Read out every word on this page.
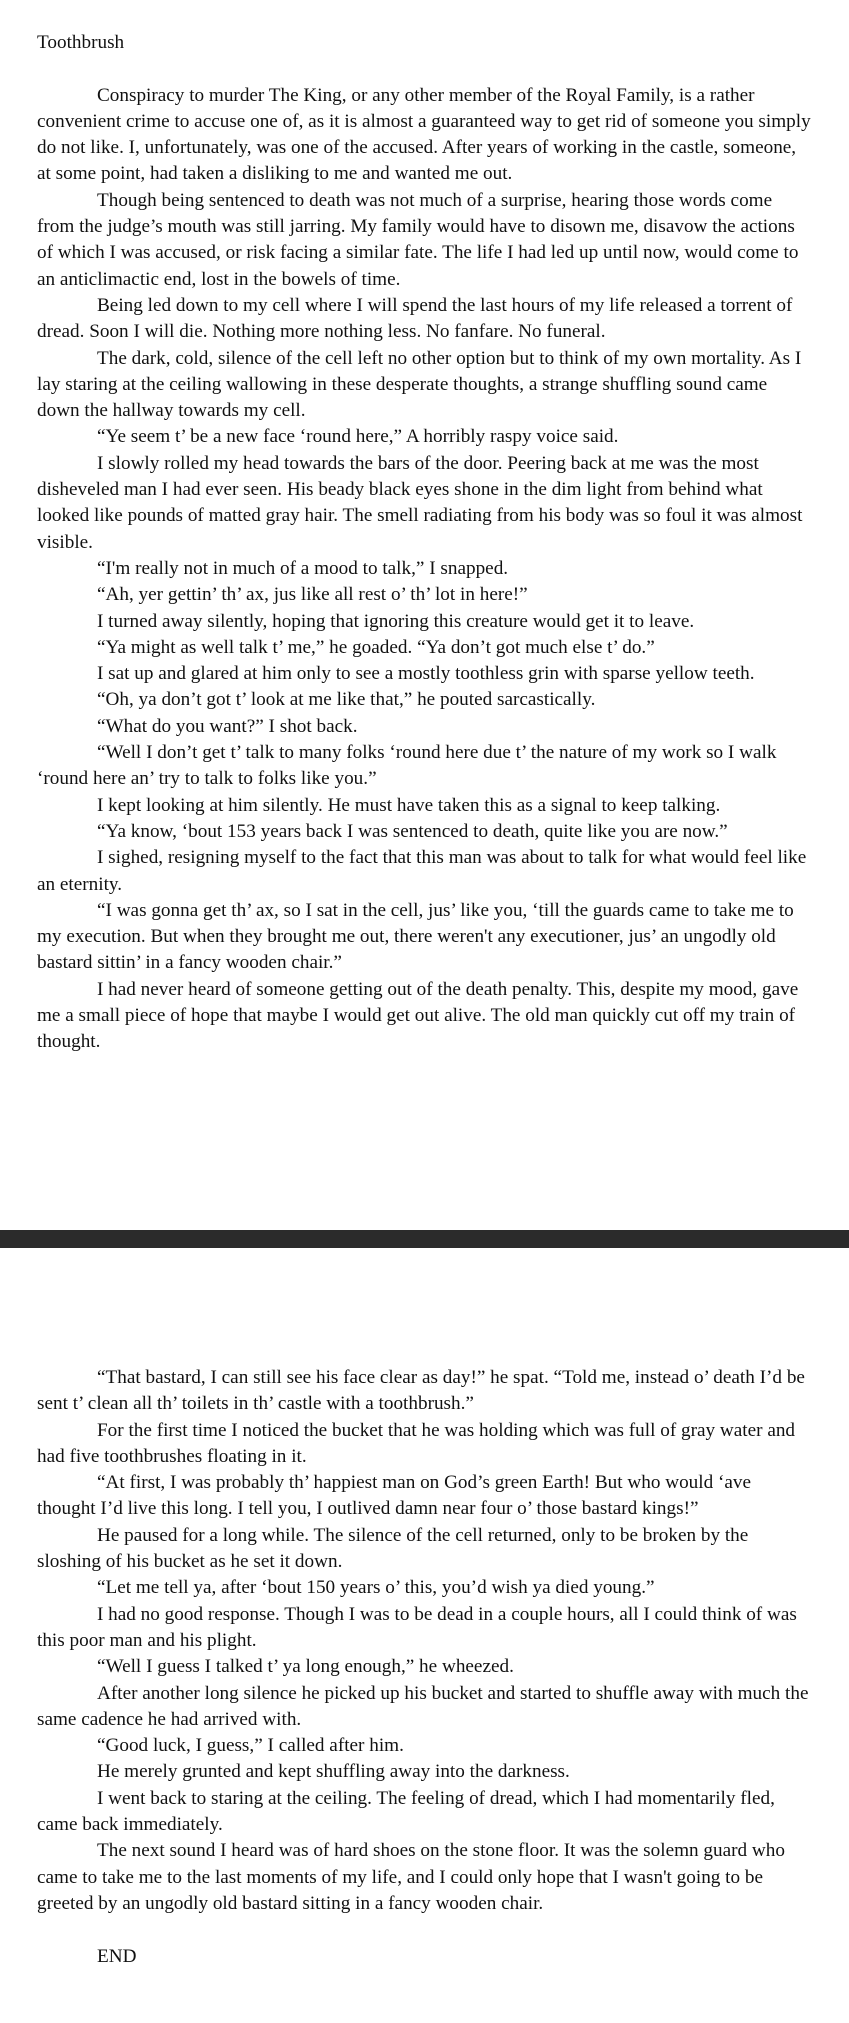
Toothbrush

Conspiracy to murder The King, or any other member of the Royal Family, is a rather convenient crime to accuse one of, as it is almost a guaranteed way to get rid of someone you simply do not like. I, unfortunately, was one of the accused. After years of working in the castle, someone, at some point, had taken a disliking to me and wanted me out.

Though being sentenced to death was not much of a surprise, hearing those words come from the judge’s mouth was still jarring. My family would have to disown me, disavow the actions of which I was accused, or risk facing a similar fate. The life I had led up until now, would come to an anticlimactic end, lost in the bowels of time.

Being led down to my cell where I will spend the last hours of my life released a torrent of dread. Soon I will die. Nothing more nothing less. No fanfare. No funeral.

The dark, cold, silence of the cell left no other option but to think of my own mortality. As I lay staring at the ceiling wallowing in these desperate thoughts, a strange shuffling sound came down the hallway towards my cell.

“Ye seem t’ be a new face ‘round here,” A horribly raspy voice said.

I slowly rolled my head towards the bars of the door. Peering back at me was the most disheveled man I had ever seen. His beady black eyes shone in the dim light from behind what looked like pounds of matted gray hair. The smell radiating from his body was so foul it was almost visible.

“I'm really not in much of a mood to talk,” I snapped.

“Ah, yer gettin’ th’ ax, jus like all rest o’ th’ lot in here!”

I turned away silently, hoping that ignoring this creature would get it to leave.

“Ya might as well talk t’ me,” he goaded. “Ya don’t got much else t’ do.”

I sat up and glared at him only to see a mostly toothless grin with sparse yellow teeth.

“Oh, ya don’t got t’ look at me like that,” he pouted sarcastically.

“What do you want?” I shot back.

“Well I don’t get t’ talk to many folks ‘round here due t’ the nature of my work so I walk ‘round here an’ try to talk to folks like you.”

I kept looking at him silently. He must have taken this as a signal to keep talking.

“Ya know, ‘bout 153 years back I was sentenced to death, quite like you are now.”

I sighed, resigning myself to the fact that this man was about to talk for what would feel like an eternity.

“I was gonna get th’ ax, so I sat in the cell, jus’ like you, ‘till the guards came to take me to my execution. But when they brought me out, there weren't any executioner, jus’ an ungodly old bastard sittin’ in a fancy wooden chair.”

I had never heard of someone getting out of the death penalty. This, despite my mood, gave me a small piece of hope that maybe I would get out alive. The old man quickly cut off my train of thought.

“That bastard, I can still see his face clear as day!” he spat. “Told me, instead o’ death I’d be sent t’ clean all th’ toilets in th’ castle with a toothbrush.”

For the first time I noticed the bucket that he was holding which was full of gray water and had five toothbrushes floating in it.

“At first, I was probably th’ happiest man on God’s green Earth! But who would ‘ave thought I’d live this long. I tell you, I outlived damn near four o’ those bastard kings!”

He paused for a long while. The silence of the cell returned, only to be broken by the sloshing of his bucket as he set it down.

“Let me tell ya, after ‘bout 150 years o’ this, you’d wish ya died young.”

I had no good response. Though I was to be dead in a couple hours, all I could think of was this poor man and his plight.

“Well I guess I talked t’ ya long enough,” he wheezed.

After another long silence he picked up his bucket and started to shuffle away with much the same cadence he had arrived with.

“Good luck, I guess,” I called after him.

He merely grunted and kept shuffling away into the darkness.

I went back to staring at the ceiling. The feeling of dread, which I had momentarily fled, came back immediately.

The next sound I heard was of hard shoes on the stone floor. It was the solemn guard who came to take me to the last moments of my life, and I could only hope that I wasn't going to be greeted by an ungodly old bastard sitting in a fancy wooden chair.

END
